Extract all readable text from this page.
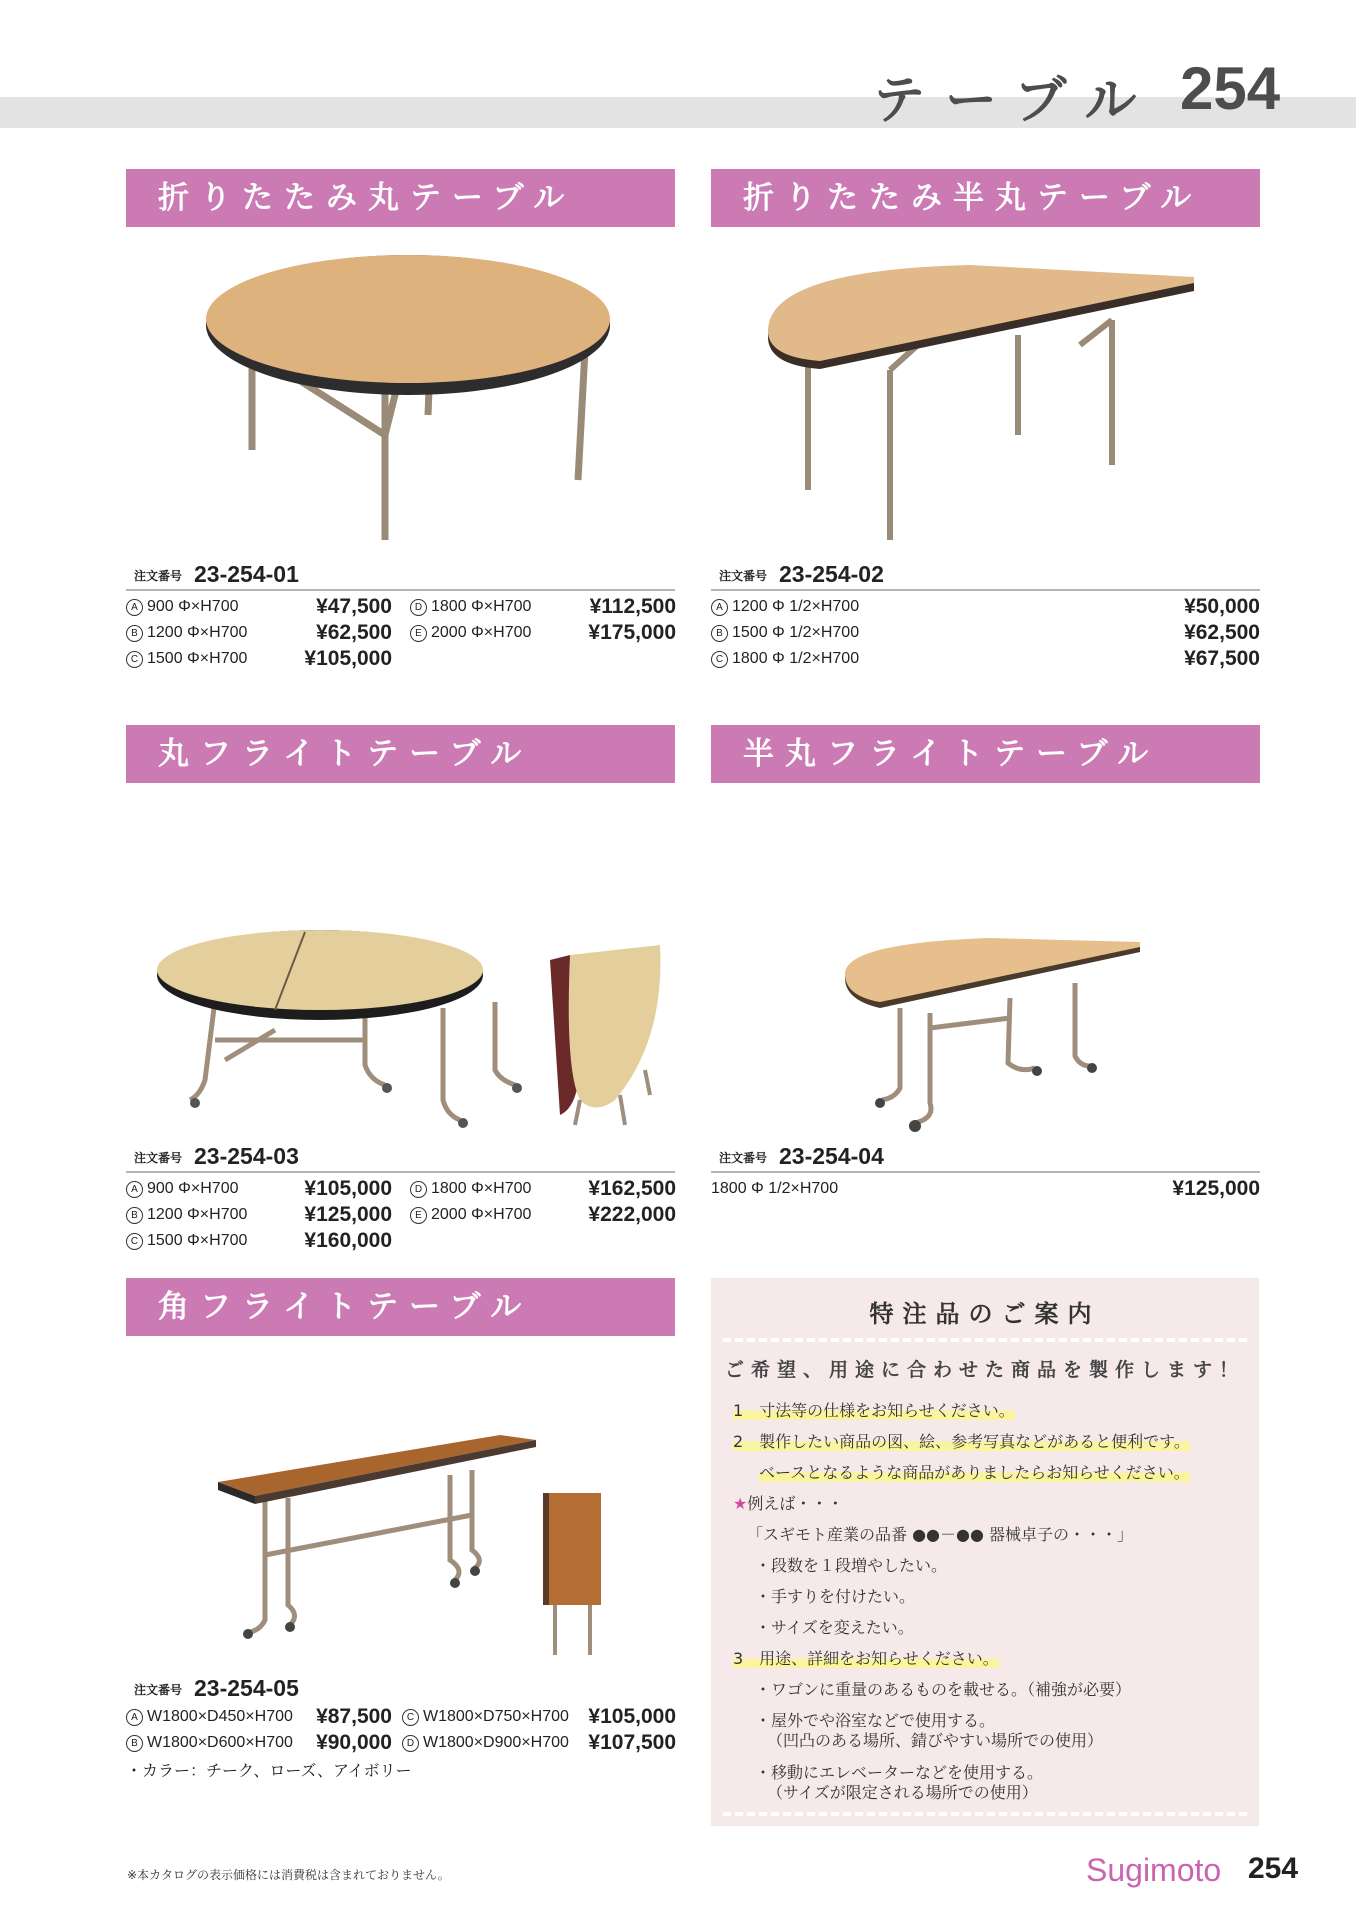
テーブル 254
折りたたみ丸テーブル
注文番号 23-254-01
A 900 Φ×H700	¥47,500	D 1800 Φ×H700	¥112,500
B 1200 Φ×H700	¥62,500	E 2000 Φ×H700	¥175,000
C 1500 Φ×H700	¥105,000
折りたたみ半丸テーブル
注文番号 23-254-02
A 1200 Φ 1/2×H700	¥50,000
B 1500 Φ 1/2×H700	¥62,500
C 1800 Φ 1/2×H700	¥67,500
丸フライトテーブル
注文番号 23-254-03
A 900 Φ×H700	¥105,000	D 1800 Φ×H700	¥162,500
B 1200 Φ×H700	¥125,000	E 2000 Φ×H700	¥222,000
C 1500 Φ×H700	¥160,000
半丸フライトテーブル
注文番号 23-254-04
1800 Φ 1/2×H700	¥125,000
角フライトテーブル
注文番号 23-254-05
A W1800×D450×H700 ¥87,500	C W1800×D750×H700 ¥105,000
B W1800×D600×H700 ¥90,000	D W1800×D900×H700 ¥107,500
・カラー：チーク、ローズ、アイボリー
特注品のご案内
ご希望、用途に合わせた商品を製作します！
1　寸法等の仕様をお知らせください。
2　製作したい商品の図、絵、参考写真などがあると便利です。
ベースとなるような商品がありましたらお知らせください。
★例えば・・・
「スギモト産業の品番 ●●－●● 器械卓子の・・・」
・段数を１段増やしたい。
・手すりを付けたい。
・サイズを変えたい。
3　用途、詳細をお知らせください。
・ワゴンに重量のあるものを載せる。（補強が必要）
・屋外でや浴室などで使用する。
（凹凸のある場所、錆びやすい場所での使用）
・移動にエレベーターなどを使用する。
（サイズが限定される場所での使用）
※本カタログの表示価格には消費税は含まれておりません。	Sugimoto 254
